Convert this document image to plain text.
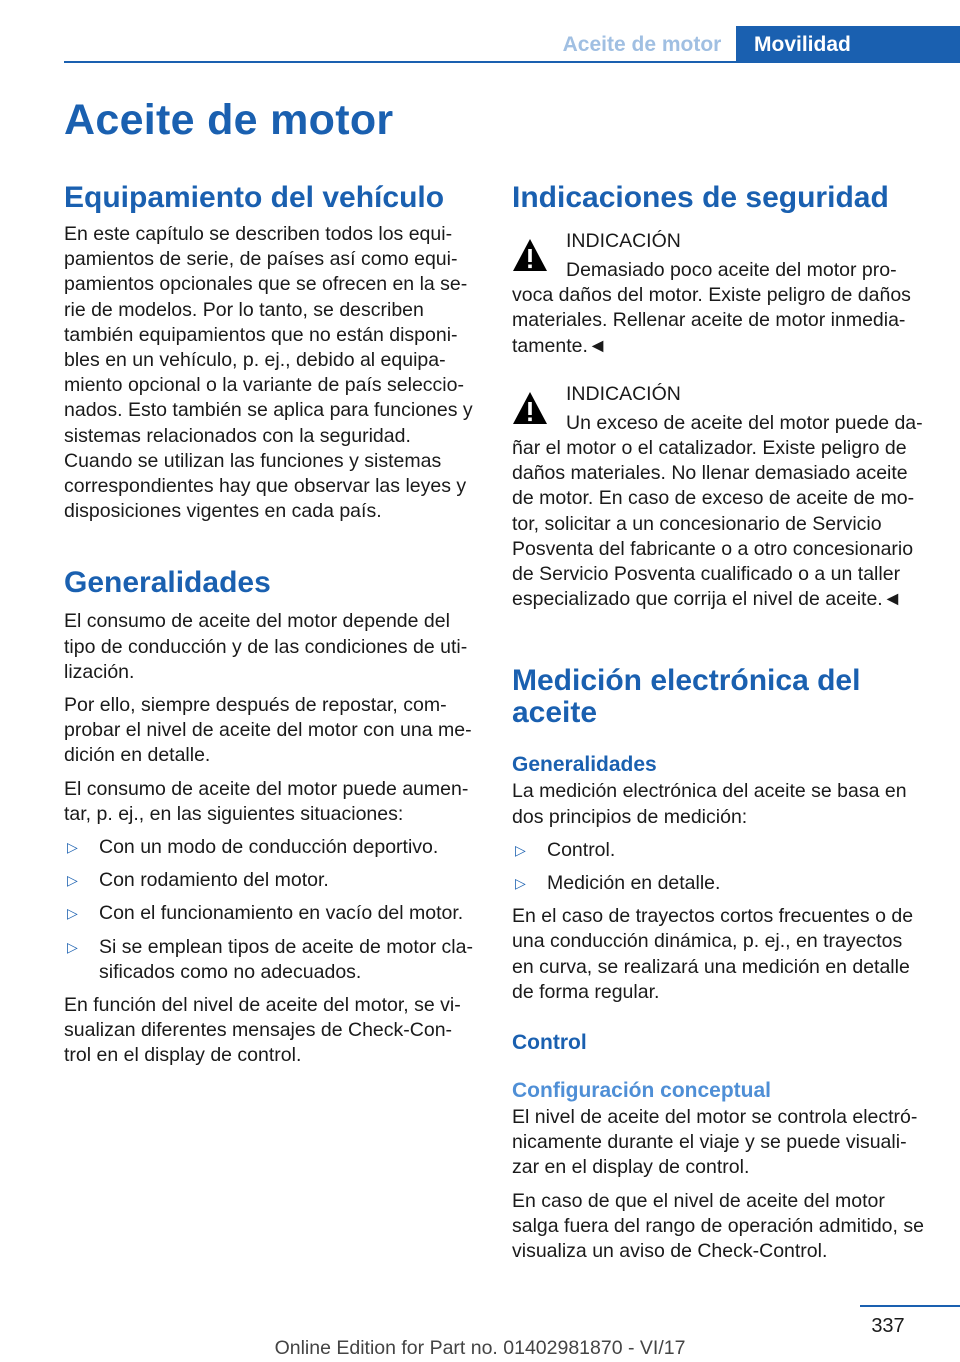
Aceite de motor	Movilidad
Aceite de motor
Equipamiento del vehículo

En este capítulo se describen todos los equi- pamientos de serie, de países así como equi- pamientos opcionales que se ofrecen en la se- rie de modelos. Por lo tanto, se describen también equipamientos que no están disponi- bles en un vehículo, p. ej., debido al equipa- miento opcional o la variante de país seleccio- nados. Esto también se aplica para funciones y sistemas relacionados con la seguridad.

Cuando se utilizan las funciones y sistemas correspondientes hay que observar las leyes y disposiciones vigentes en cada país.

Generalidades

El consumo de aceite del motor depende del tipo de conducción y de las condiciones de uti- lización.

Por ello, siempre después de repostar, com- probar el nivel de aceite del motor con una me- dición en detalle.

El consumo de aceite del motor puede aumen- tar, p. ej., en las siguientes situaciones:

▷ Con un modo de conducción deportivo.
▷ Con rodamiento del motor.
▷ Con el funcionamiento en vacío del motor.
▷ Si se emplean tipos de aceite de motor cla- sificados como no adecuados.

En función del nivel de aceite del motor, se vi- sualizan diferentes mensajes de Check-Con- trol en el display de control.

Indicaciones de seguridad
INDICACIÓN

Demasiado poco aceite del motor pro- voca daños del motor. Existe peligro de daños materiales. Rellenar aceite de motor inmedia- tamente.◄

INDICACIÓN

Un exceso de aceite del motor puede da- ñar el motor o el catalizador. Existe peligro de daños materiales. No llenar demasiado aceite de motor. En caso de exceso de aceite de mo- tor, solicitar a un concesionario de Servicio Posventa del fabricante o a otro concesionario de Servicio Posventa cualificado o a un taller especializado que corrija el nivel de aceite.◄

Medición electrónica del aceite
Generalidades

La medición electrónica del aceite se basa en dos principios de medición:

▷ Control.
▷ Medición en detalle.

En el caso de trayectos cortos frecuentes o de una conducción dinámica, p. ej., en trayectos en curva, se realizará una medición en detalle de forma regular.

Control
Configuración conceptual

El nivel de aceite del motor se controla electró- nicamente durante el viaje y se puede visuali- zar en el display de control.

En caso de que el nivel de aceite del motor salga fuera del rango de operación admitido, se visualiza un aviso de Check-Control.

337
Online Edition for Part no. 01402981870 - VI/17
